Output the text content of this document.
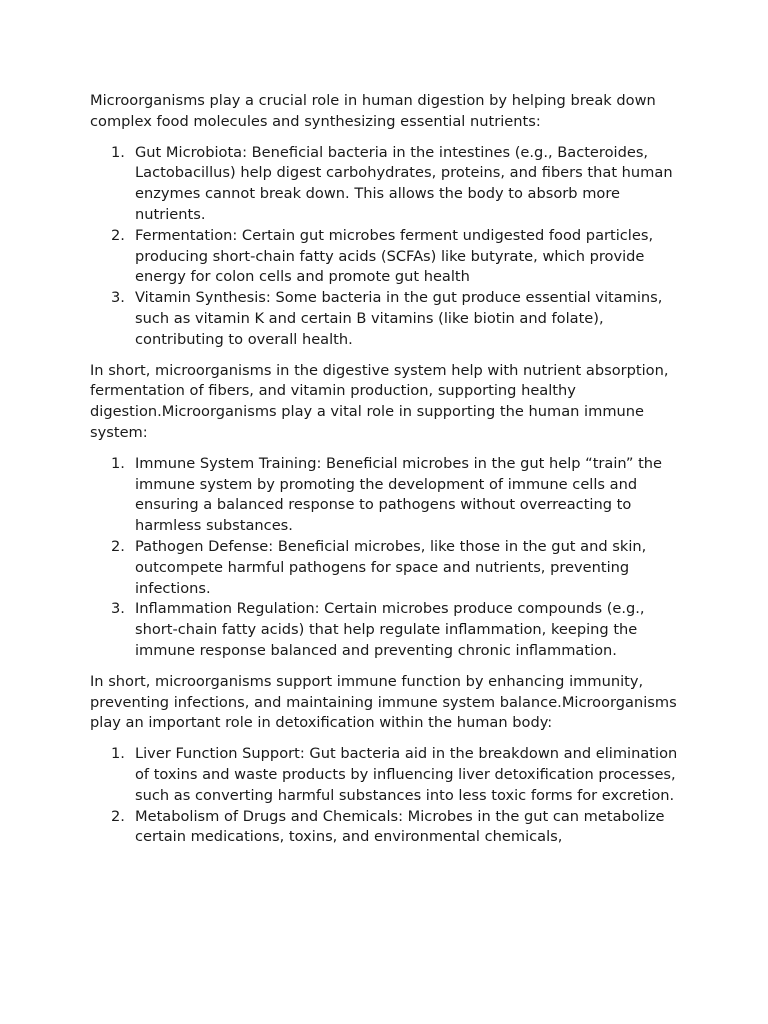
Microorganisms play a crucial role in human digestion by helping break down complex food molecules and synthesizing essential nutrients:

1. Gut Microbiota: Beneficial bacteria in the intestines (e.g., Bacteroides, Lactobacillus) help digest carbohydrates, proteins, and fibers that human enzymes cannot break down. This allows the body to absorb more nutrients.
2. Fermentation: Certain gut microbes ferment undigested food particles, producing short-chain fatty acids (SCFAs) like butyrate, which provide energy for colon cells and promote gut health
3. Vitamin Synthesis: Some bacteria in the gut produce essential vitamins, such as vitamin K and certain B vitamins (like biotin and folate), contributing to overall health.

In short, microorganisms in the digestive system help with nutrient absorption, fermentation of fibers, and vitamin production, supporting healthy digestion.Microorganisms play a vital role in supporting the human immune system:

1. Immune System Training: Beneficial microbes in the gut help “train” the immune system by promoting the development of immune cells and ensuring a balanced response to pathogens without overreacting to harmless substances.
2. Pathogen Defense: Beneficial microbes, like those in the gut and skin, outcompete harmful pathogens for space and nutrients, preventing infections.
3. Inflammation Regulation: Certain microbes produce compounds (e.g., short-chain fatty acids) that help regulate inflammation, keeping the immune response balanced and preventing chronic inflammation.

In short, microorganisms support immune function by enhancing immunity, preventing infections, and maintaining immune system balance.Microorganisms play an important role in detoxification within the human body:

1. Liver Function Support: Gut bacteria aid in the breakdown and elimination of toxins and waste products by influencing liver detoxification processes, such as converting harmful substances into less toxic forms for excretion.
2. Metabolism of Drugs and Chemicals: Microbes in the gut can metabolize certain medications, toxins, and environmental chemicals,
